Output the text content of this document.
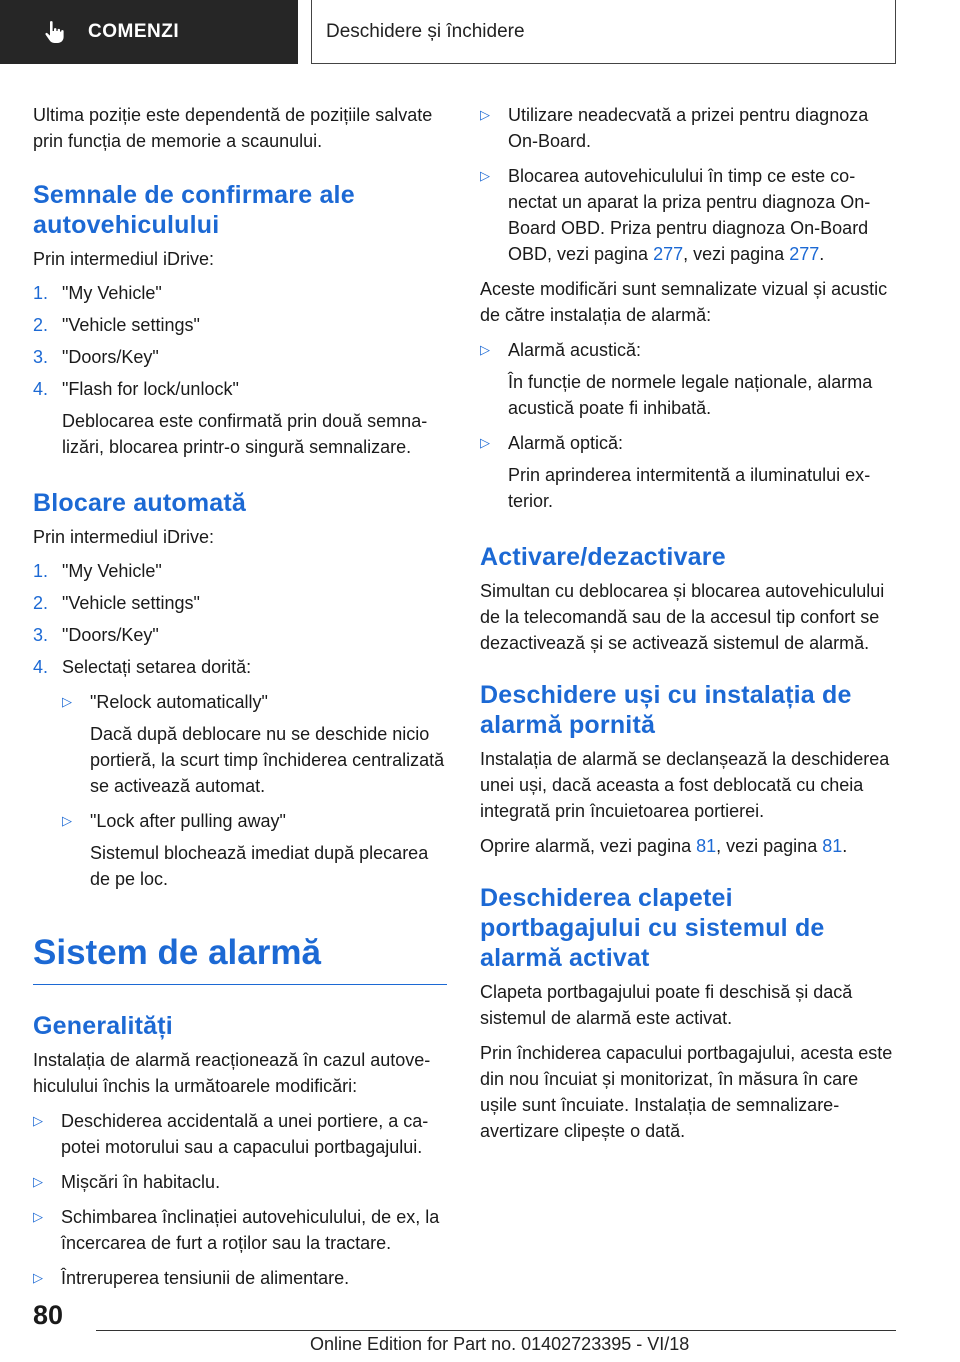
COMENZI	Deschidere și închidere

Ultima poziție este dependentă de pozițiile salvate prin funcția de memorie a scaunului.

Semnale de confirmare ale autovehiculului

Prin intermediul iDrive:

1. "My Vehicle"
2. "Vehicle settings"
3. "Doors/Key"
4. "Flash for lock/unlock"
Deblocarea este confirmată prin două semnalizări, blocarea printr-o singură semnalizare.
Blocare automată

Prin intermediul iDrive:

1. "My Vehicle"
2. "Vehicle settings"
3. "Doors/Key"
4. Selectați setarea dorită:
▷	"Relock automatically"
Dacă după deblocare nu se deschide nicio portieră, la scurt timp închiderea centralizată se activează automat.
▷	"Lock after pulling away"
Sistemul blochează imediat după plecarea de pe loc.
Sistem de alarmă
Generalități

Instalația de alarmă reacționează în cazul autovehiculului închis la următoarele modificări:

▷	Deschiderea accidentală a unei portiere, a capotei motorului sau a capacului portbagajului.
▷	Mișcări în habitaclu.
▷	Schimbarea înclinației autovehiculului, de ex, la încercarea de furt a roților sau la tractare.
▷	Întreruperea tensiunii de alimentare.
▷	Utilizare neadecvată a prizei pentru diagnoza On-Board.
▷	Blocarea autovehiculului în timp ce este conectat un aparat la priza pentru diagnoza On-Board OBD. Priza pentru diagnoza On-Board OBD, vezi pagina 277, vezi pagina 277.

Aceste modificări sunt semnalizate vizual și acustic de către instalația de alarmă:

▷	Alarmă acustică:
În funcție de normele legale naționale, alarma acustică poate fi inhibată.
▷	Alarmă optică:
Prin aprinderea intermitentă a iluminatului exterior.
Activare/dezactivare

Simultan cu deblocarea și blocarea autovehiculului de la telecomandă sau de la accesul tip confort se dezactivează și se activează sistemul de alarmă.

Deschidere uși cu instalația de alarmă pornită

Instalația de alarmă se declanșează la deschiderea unei uși, dacă aceasta a fost deblocată cu cheia integrată prin încuietoarea portierei.

Oprire alarmă, vezi pagina 81, vezi pagina 81.

Deschiderea clapetei portbagajului cu sistemul de alarmă activat

Clapeta portbagajului poate fi deschisă și dacă sistemul de alarmă este activat.

Prin închiderea capacului portbagajului, acesta este din nou încuiat și monitorizat, în măsura în care ușile sunt încuiate. Instalația de semnalizare-avertizare clipește o dată.

80
Online Edition for Part no. 01402723395 - VI/18
